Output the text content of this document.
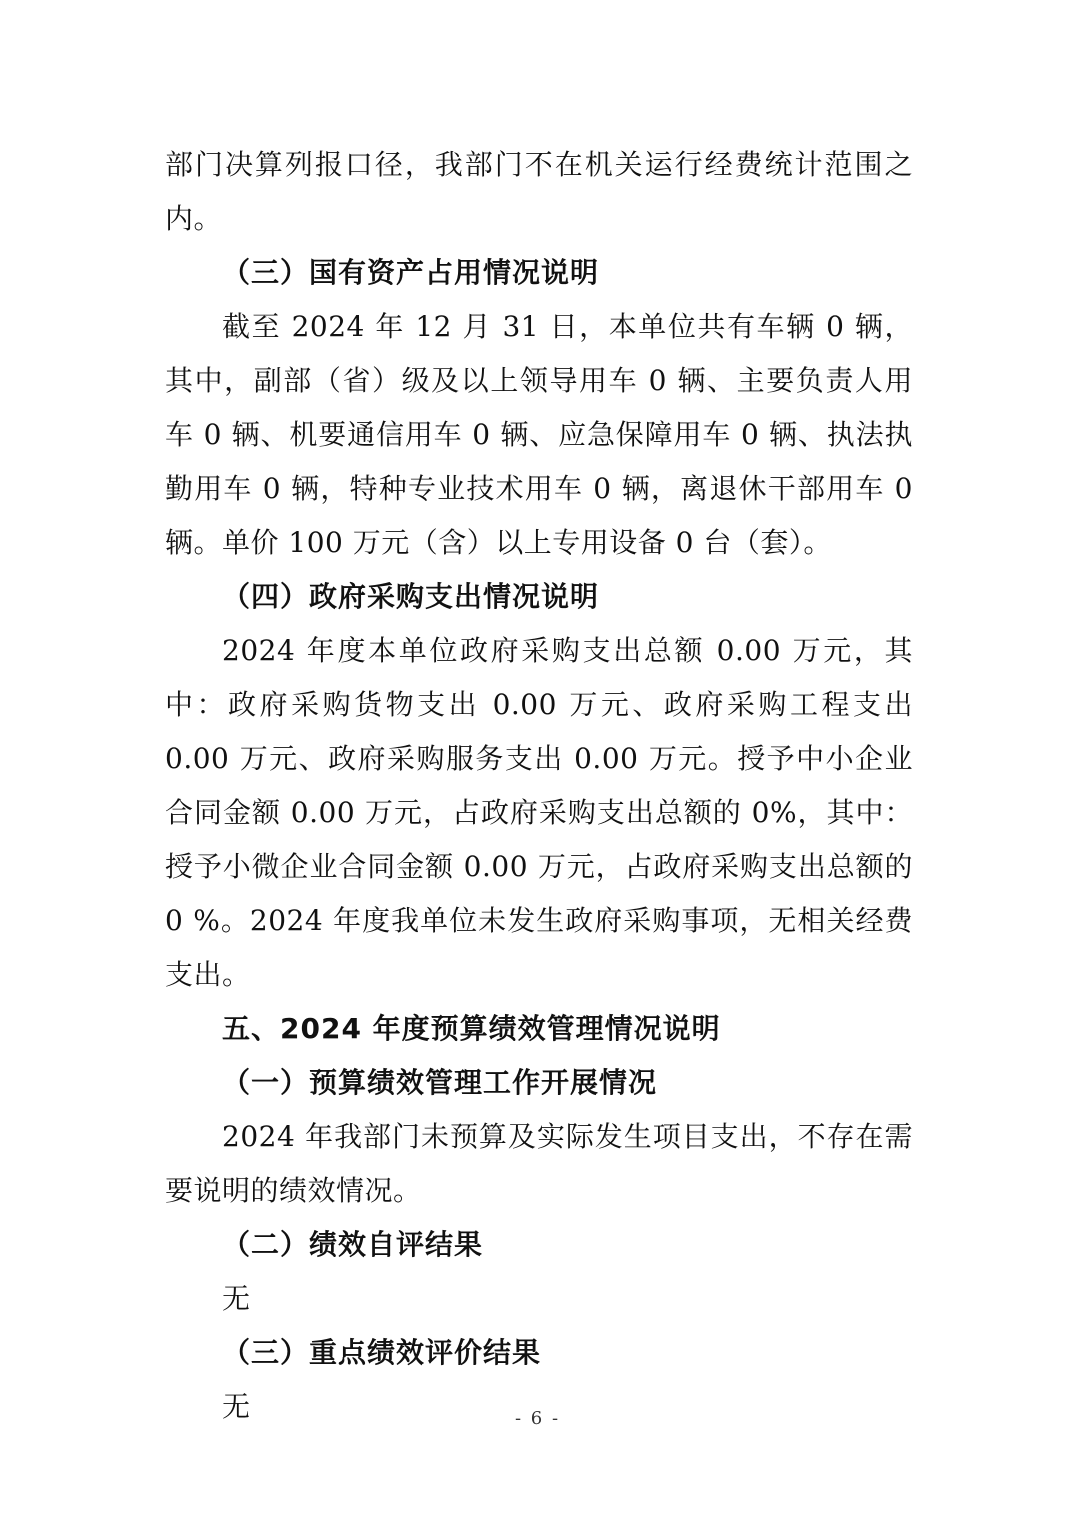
部门决算列报口径，我部门不在机关运行经费统计范围之内。

（三）国有资产占用情况说明

截至 2024 年 12 月 31 日，本单位共有车辆 0 辆，其中，副部（省）级及以上领导用车 0 辆、主要负责人用车 0 辆、机要通信用车 0 辆、应急保障用车 0 辆、执法执勤用车 0 辆，特种专业技术用车 0 辆，离退休干部用车 0 辆。单价 100 万元（含）以上专用设备 0 台（套）。

（四）政府采购支出情况说明

2024 年度本单位政府采购支出总额 0.00 万元，其中：政府采购货物支出 0.00 万元、政府采购工程支出 0.00 万元、政府采购服务支出 0.00 万元。授予中小企业合同金额 0.00 万元，占政府采购支出总额的 0%，其中：授予小微企业合同金额 0.00 万元，占政府采购支出总额的 0 %。2024 年度我单位未发生政府采购事项，无相关经费支出。

五、2024 年度预算绩效管理情况说明

（一）预算绩效管理工作开展情况

2024 年我部门未预算及实际发生项目支出，不存在需要说明的绩效情况。

（二）绩效自评结果

无

（三）重点绩效评价结果

无	- 6 -
